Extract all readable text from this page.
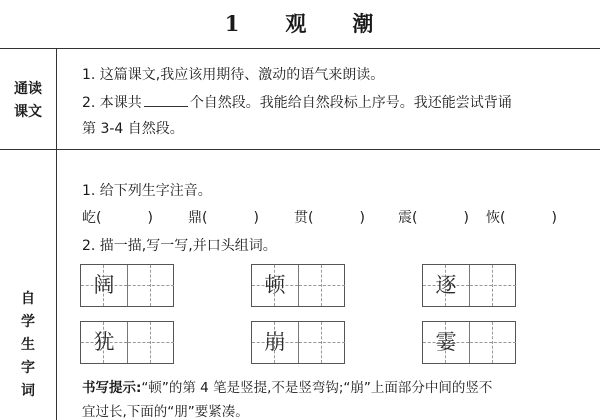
1 观 潮
通读
课文
1. 这篇课文,我应该用期待、激动的语气来朗读。
2. 本课共	个自然段。我能给自然段标上序号。我还能尝试背诵
第 3-4 自然段。
自
学
生
字
词
1. 给下列生字注音。
屹(	)	鼎(	)	贯(	) 震(	) 恢(	)
2. 描一描,写一写,并口头组词。
阔	顿	逐
犹	崩	霎
书写提示:“顿”的第 4 笔是竖提,不是竖弯钩;“崩”上面部分中间的竖不
宜过长,下面的“朋”要紧凑。
